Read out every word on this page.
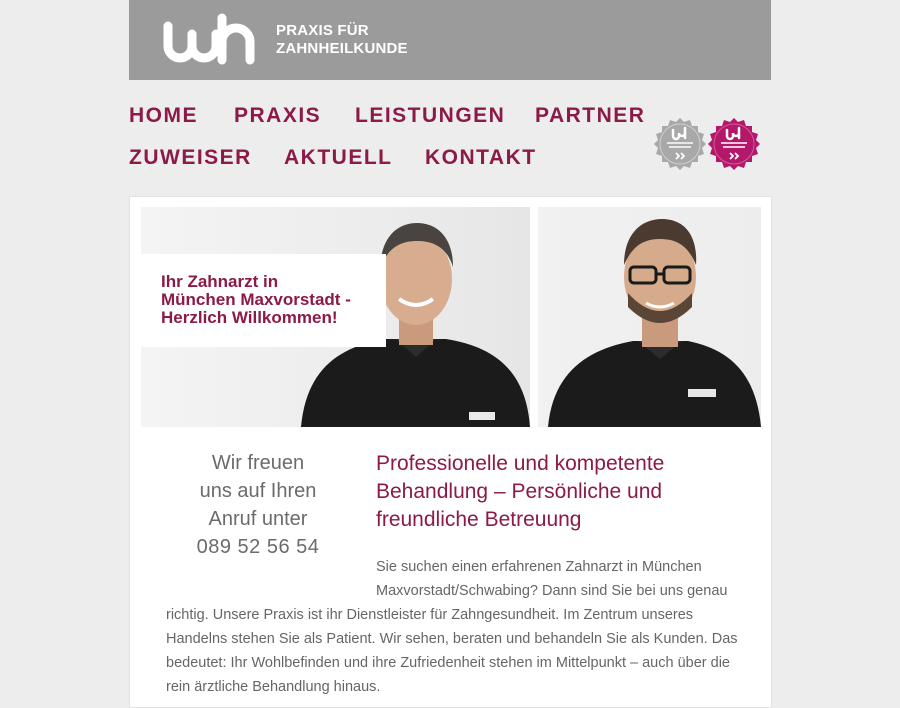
PRAXIS FÜR
ZAHNHEILKUNDE
HOME PRAXIS LEISTUNGEN PARTNER
ZUWEISER AKTUELL KONTAKT
Ihr Zahnarzt in
München Maxvorstadt -
Herzlich Willkommen!
Wir freuen
uns auf Ihren
Anruf unter
089 52 56 54
Professionelle und kompetente Behandlung – Persönliche und freundliche Betreuung
Sie suchen einen erfahrenen Zahnarzt in München Maxvorstadt/Schwabing? Dann sind Sie bei uns genau
richtig. Unsere Praxis ist ihr Dienstleister für Zahngesundheit. Im Zentrum unseres Handelns stehen Sie als Patient. Wir sehen, beraten und behandeln Sie als Kunden. Das bedeutet: Ihr Wohlbefinden und ihre Zufriedenheit stehen im Mittelpunkt – auch über die rein ärztliche Behandlung hinaus.
